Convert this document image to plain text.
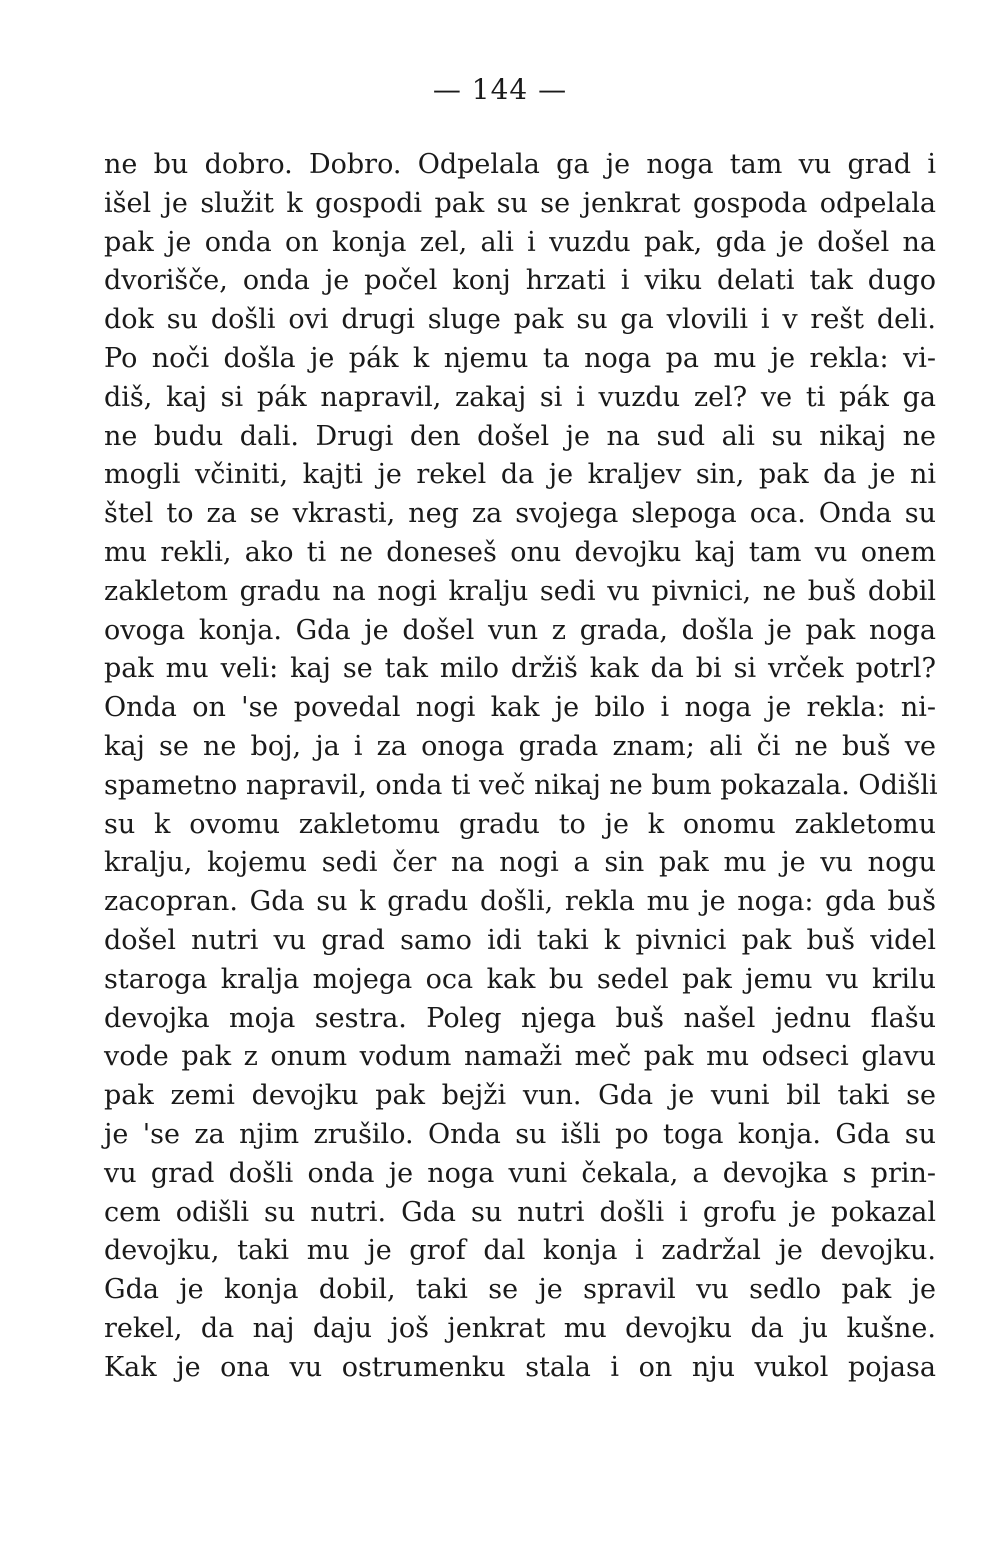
— 144 —
ne bu dobro. Dobro. Odpelala ga je noga tam vu grad i
išel je služit k gospodi pak su se jenkrat gospoda odpelala
pak je onda on konja zel, ali i vuzdu pak, gda je došel na
dvorišče, onda je počel konj hrzati i viku delati tak dugo
dok su došli ovi drugi sluge pak su ga vlovili i v rešt deli.
Po noči došla je pák k njemu ta noga pa mu je rekla: vi-
diš, kaj si pák napravil, zakaj si i vuzdu zel? ve ti pák ga
ne budu dali. Drugi den došel je na sud ali su nikaj ne
mogli včiniti, kajti je rekel da je kraljev sin, pak da je ni
štel to za se vkrasti, neg za svojega slepoga oca. Onda su
mu rekli, ako ti ne doneseš onu devojku kaj tam vu onem
zakletom gradu na nogi kralju sedi vu pivnici, ne buš dobil
ovoga konja. Gda je došel vun z grada, došla je pak noga
pak mu veli: kaj se tak milo držiš kak da bi si vrček potrl?
Onda on 'se povedal nogi kak je bilo i noga je rekla: ni-
kaj se ne boj, ja i za onoga grada znam; ali či ne buš ve
spametno napravil, onda ti več nikaj ne bum pokazala. Odišli
su k ovomu zakletomu gradu to je k onomu zakletomu
kralju, kojemu sedi čer na nogi a sin pak mu je vu nogu
zacopran. Gda su k gradu došli, rekla mu je noga: gda buš
došel nutri vu grad samo idi taki k pivnici pak buš videl
staroga kralja mojega oca kak bu sedel pak jemu vu krilu
devojka moja sestra. Poleg njega buš našel jednu flašu
vode pak z onum vodum namaži meč pak mu odseci glavu
pak zemi devojku pak bejži vun. Gda je vuni bil taki se
je 'se za njim zrušilo. Onda su išli po toga konja. Gda su
vu grad došli onda je noga vuni čekala, a devojka s prin-
cem odišli su nutri. Gda su nutri došli i grofu je pokazal
devojku, taki mu je grof dal konja i zadržal je devojku.
Gda je konja dobil, taki se je spravil vu sedlo pak je
rekel, da naj daju još jenkrat mu devojku da ju kušne.
Kak je ona vu ostrumenku stala i on nju vukol pojasa
